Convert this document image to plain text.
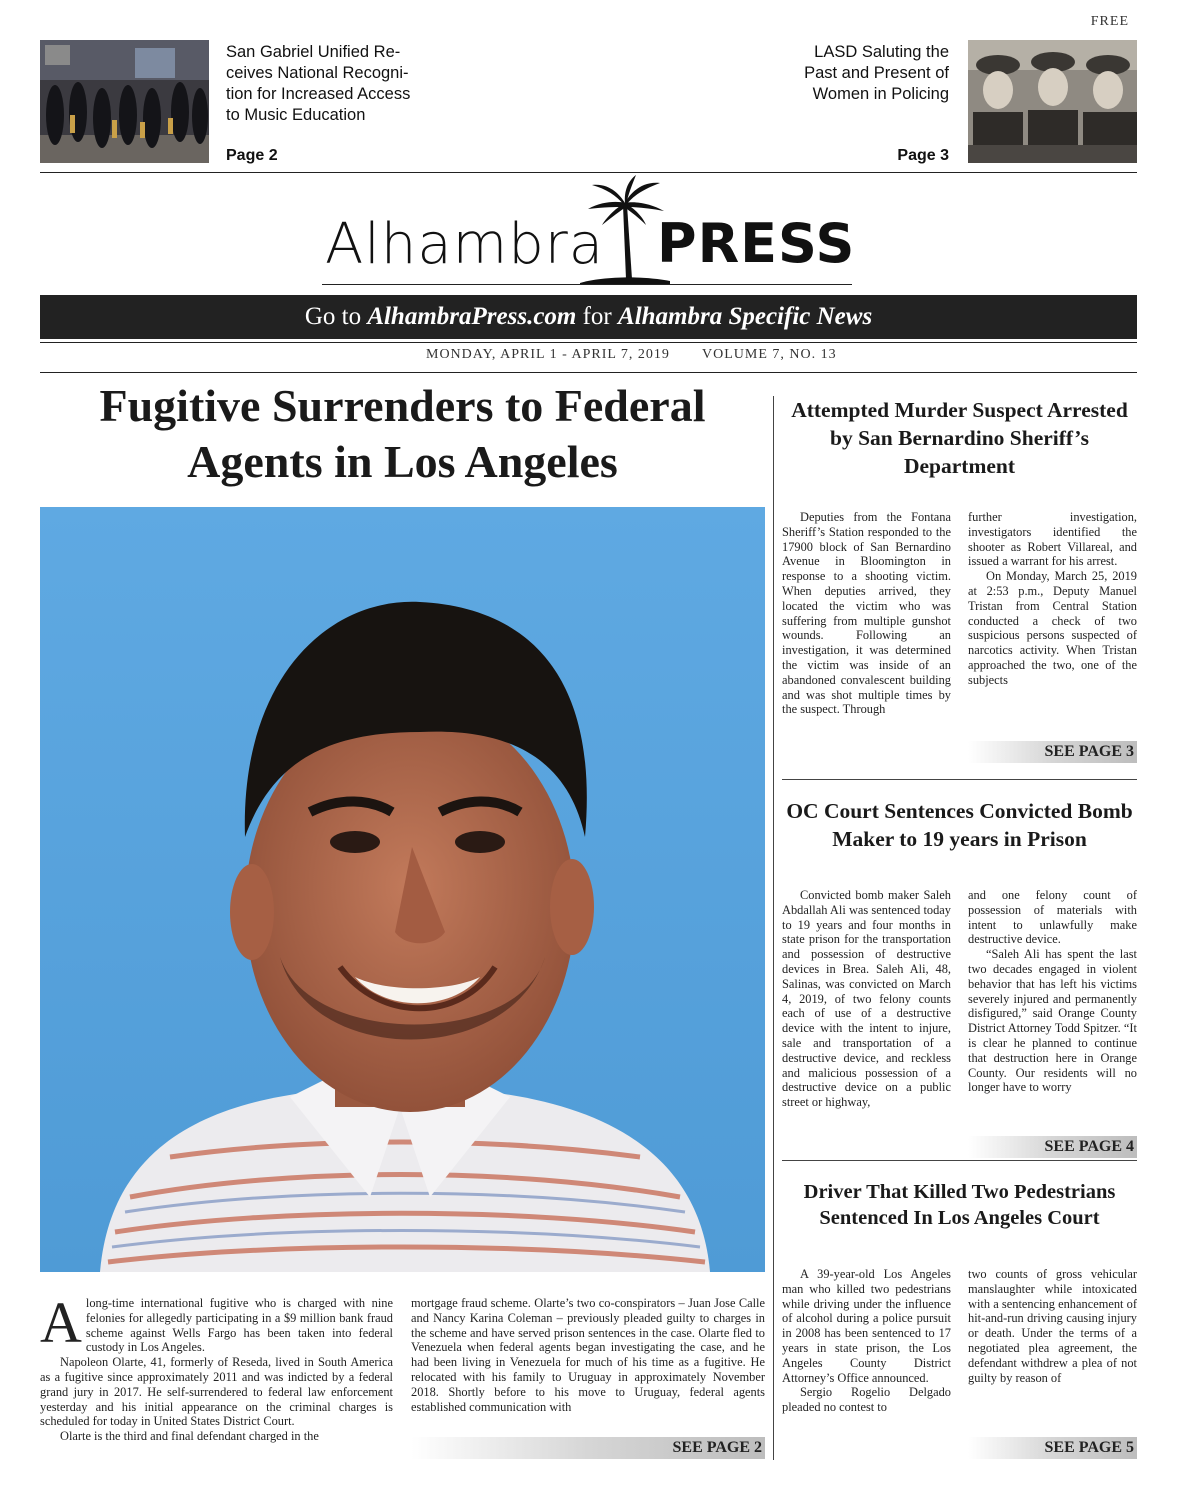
FREE
San Gabriel Unified Re-
ceives National Recogni-
tion for Increased Access
to Music Education
Page 2
LASD Saluting the
Past and Present of
Women in Policing
Page 3
Alhambra PRESS
Go to AlhambraPress.com for Alhambra Specific News
MONDAY, APRIL 1 - APRIL 7, 2019 VOLUME 7, NO. 13
Fugitive Surrenders to Federal Agents in Los Angeles

Along-time international fugitive who is charged with nine felonies for allegedly participating in a $9 million bank fraud scheme against Wells Fargo has been taken into federal custody in Los Angeles.

Napoleon Olarte, 41, formerly of Reseda, lived in South America as a fugitive since approximately 2011 and was indicted by a federal grand jury in 2017. He self-surrendered to federal law enforcement yesterday and his initial appearance on the criminal charges is scheduled for today in United States District Court.

Olarte is the third and final defendant charged in the

mortgage fraud scheme. Olarte’s two co-conspirators – Juan Jose Calle and Nancy Karina Coleman – previously pleaded guilty to charges in the scheme and have served prison sentences in the case. Olarte fled to Venezuela when federal agents began investigating the case, and he had been living in Venezuela for much of his time as a fugitive. He relocated with his family to Uruguay in approximately November 2018. Shortly before to his move to Uruguay, federal agents established communication with
SEE PAGE 2
Attempted Murder Suspect Arrested by San Bernardino Sheriff’s Department
Deputies from the Fontana Sheriff’s Station responded to the 17900 block of San Bernardino Avenue in Bloomington in response to a shooting victim. When deputies arrived, they located the victim who was suffering from multiple gunshot wounds. Following an investigation, it was determined the victim was inside of an abandoned convalescent building and was shot multiple times by the suspect. Through

further investigation, investigators identified the shooter as Robert Villareal, and issued a warrant for his arrest.

On Monday, March 25, 2019 at 2:53 p.m., Deputy Manuel Tristan from Central Station conducted a check of two suspicious persons suspected of narcotics activity. When Tristan approached the two, one of the subjects

SEE PAGE 3
OC Court Sentences Convicted Bomb Maker to 19 years in Prison
Convicted bomb maker Saleh Abdallah Ali was sentenced today to 19 years and four months in state prison for the transportation and possession of destructive devices in Brea. Saleh Ali, 48, Salinas, was convicted on March 4, 2019, of two felony counts each of use of a destructive device with the intent to injure, sale and transportation of a destructive device, and reckless and malicious possession of a destructive device on a public street or highway,

and one felony count of possession of materials with intent to unlawfully make destructive device.

“Saleh Ali has spent the last two decades engaged in violent behavior that has left his victims severely injured and permanently disfigured,” said Orange County District Attorney Todd Spitzer. “It is clear he planned to continue that destruction here in Orange County. Our residents will no longer have to worry

SEE PAGE 4
Driver That Killed Two Pedestrians Sentenced In Los Angeles Court

A 39-year-old Los Angeles man who killed two pedestrians while driving under the influence of alcohol during a police pursuit in 2008 has been sentenced to 17 years in state prison, the Los Angeles County District Attorney’s Office announced.

Sergio Rogelio Delgado pleaded no contest to

two counts of gross vehicular manslaughter while intoxicated with a sentencing enhancement of hit-and-run driving causing injury or death. Under the terms of a negotiated plea agreement, the defendant withdrew a plea of not guilty by reason of
SEE PAGE 5
